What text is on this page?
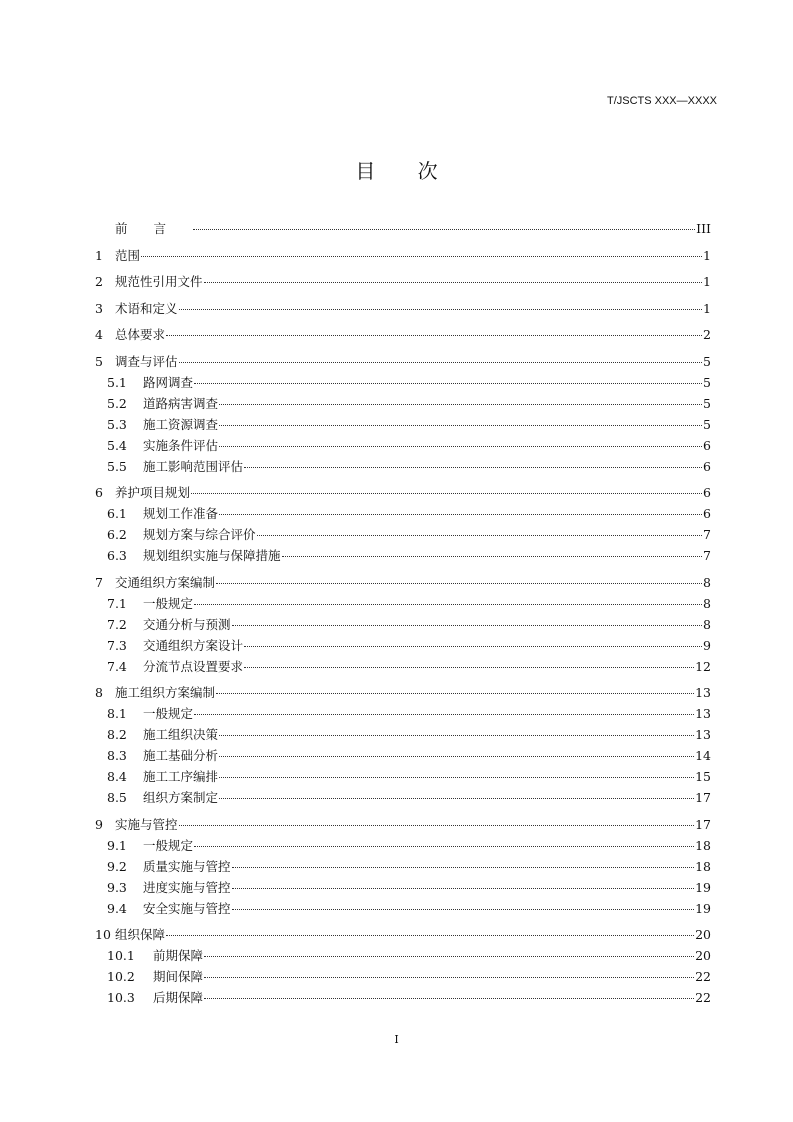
T/JSCTS XXX—XXXX
目 次
前言	III
1 范围	1
2 规范性引用文件	1
3 术语和定义	1
4 总体要求	2
5 调查与评估	5
5.1	路网调查	5
5.2	道路病害调查	5
5.3	施工资源调查	5
5.4	实施条件评估	6
5.5	施工影响范围评估	6
6 养护项目规划	6
6.1	规划工作准备	6
6.2	规划方案与综合评价	7
6.3	规划组织实施与保障措施	7
7 交通组织方案编制	8
7.1	一般规定	8
7.2	交通分析与预测	8
7.3	交通组织方案设计	9
7.4	分流节点设置要求	12
8 施工组织方案编制	13
8.1	一般规定	13
8.2	施工组织决策	13
8.3	施工基础分析	14
8.4	施工工序编排	15
8.5	组织方案制定	17
9 实施与管控	17
9.1	一般规定	18
9.2	质量实施与管控	18
9.3	进度实施与管控	19
9.4	安全实施与管控	19
10 组织保障	20
10.1	前期保障	20
10.2	期间保障	22
10.3	后期保障	22
I
